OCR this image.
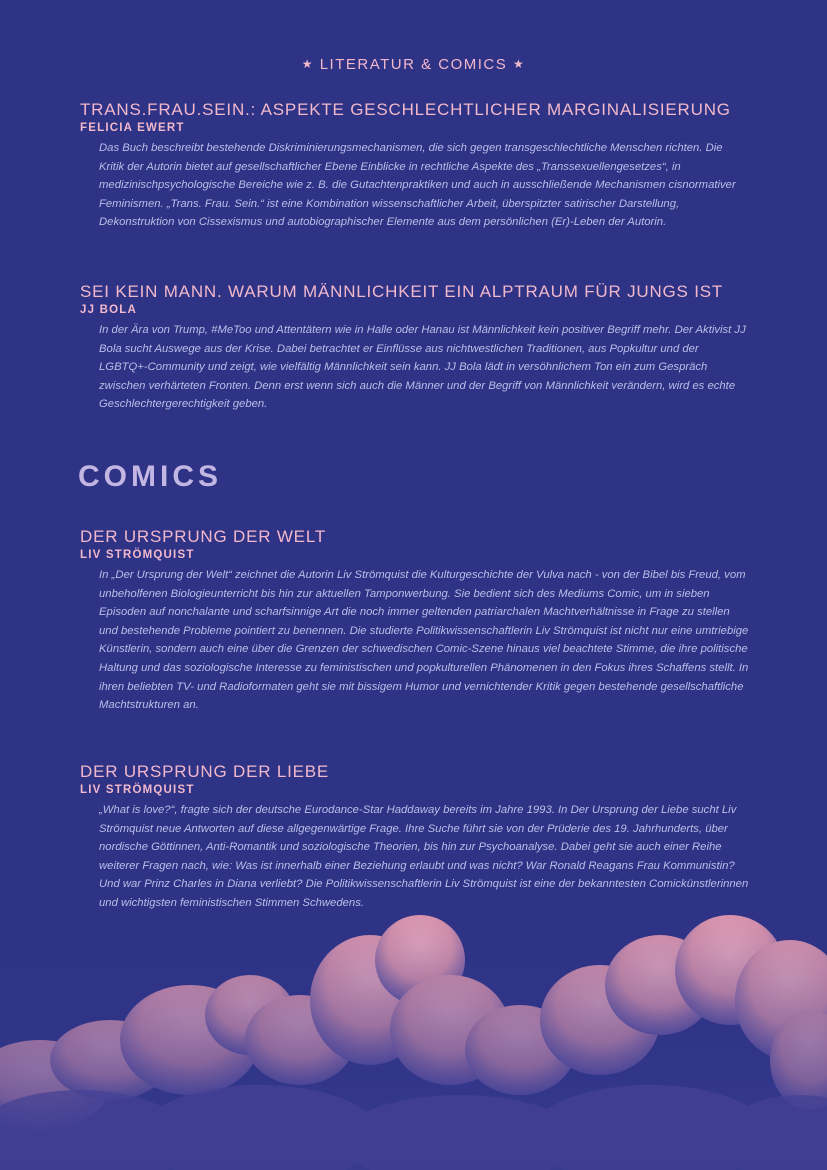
★ LITERATUR & COMICS ★
TRANS.FRAU.SEIN.: ASPEKTE GESCHLECHTLICHER MARGINALISIERUNG
FELICIA EWERT
Das Buch beschreibt bestehende Diskriminierungsmechanismen, die sich gegen transgeschlechtliche Menschen richten. Die Kritik der Autorin bietet auf gesellschaftlicher Ebene Einblicke in rechtliche Aspekte des „Transsexuellengesetzes“, in medizinischpsychologische Bereiche wie z. B. die Gutachtenpraktiken und auch in ausschließende Mechanismen cisnormativer Feminismen. „Trans. Frau. Sein.“ ist eine Kombination wissenschaftlicher Arbeit, überspitzter satirischer Darstellung, Dekonstruktion von Cissexismus und autobiographischer Elemente aus dem persönlichen (Er)-Leben der Autorin.
SEI KEIN MANN. WARUM MÄNNLICHKEIT EIN ALPTRAUM FÜR JUNGS IST
JJ BOLA
In der Ära von Trump, #MeToo und Attentätern wie in Halle oder Hanau ist Männlichkeit kein positiver Begriff mehr. Der Aktivist JJ Bola sucht Auswege aus der Krise. Dabei betrachtet er Einflüsse aus nichtwestlichen Traditionen, aus Popkultur und der LGBTQ+-Community und zeigt, wie vielfältig Männlichkeit sein kann. JJ Bola lädt in versöhnlichem Ton ein zum Gespräch zwischen verhärteten Fronten. Denn erst wenn sich auch die Männer und der Begriff von Männlichkeit verändern, wird es echte Geschlechtergerechtigkeit geben.
COMICS
DER URSPRUNG DER WELT
LIV STRÖMQUIST
In „Der Ursprung der Welt“ zeichnet die Autorin Liv Strömquist die Kulturgeschichte der Vulva nach - von der Bibel bis Freud, vom unbeholfenen Biologieunterricht bis hin zur aktuellen Tamponwerbung. Sie bedient sich des Mediums Comic, um in sieben Episoden auf nonchalante und scharfsinnige Art die noch immer geltenden patriarchalen Machtverhältnisse in Frage zu stellen und bestehende Probleme pointiert zu benennen. Die studierte Politikwissenschaftlerin Liv Strömquist ist nicht nur eine umtriebige Künstlerin, sondern auch eine über die Grenzen der schwedischen Comic-Szene hinaus viel beachtete Stimme, die ihre politische Haltung und das soziologische Interesse zu feministischen und popkulturellen Phänomenen in den Fokus ihres Schaffens stellt. In ihren beliebten TV- und Radioformaten geht sie mit bissigem Humor und vernichtender Kritik gegen bestehende gesellschaftliche Machtstrukturen an.
DER URSPRUNG DER LIEBE
LIV STRÖMQUIST
„What is love?“, fragte sich der deutsche Eurodance-Star Haddaway bereits im Jahre 1993. In Der Ursprung der Liebe sucht Liv Strömquist neue Antworten auf diese allgegenwärtige Frage. Ihre Suche führt sie von der Prüderie des 19. Jahrhunderts, über nordische Göttinnen, Anti-Romantik und soziologische Theorien, bis hin zur Psychoanalyse. Dabei geht sie auch einer Reihe weiterer Fragen nach, wie: Was ist innerhalb einer Beziehung erlaubt und was nicht? War Ronald Reagans Frau Kommunistin? Und war Prinz Charles in Diana verliebt? Die Politikwissenschaftlerin Liv Strömquist ist eine der bekanntesten Comickünstlerinnen und wichtigsten feministischen Stimmen Schwedens.
